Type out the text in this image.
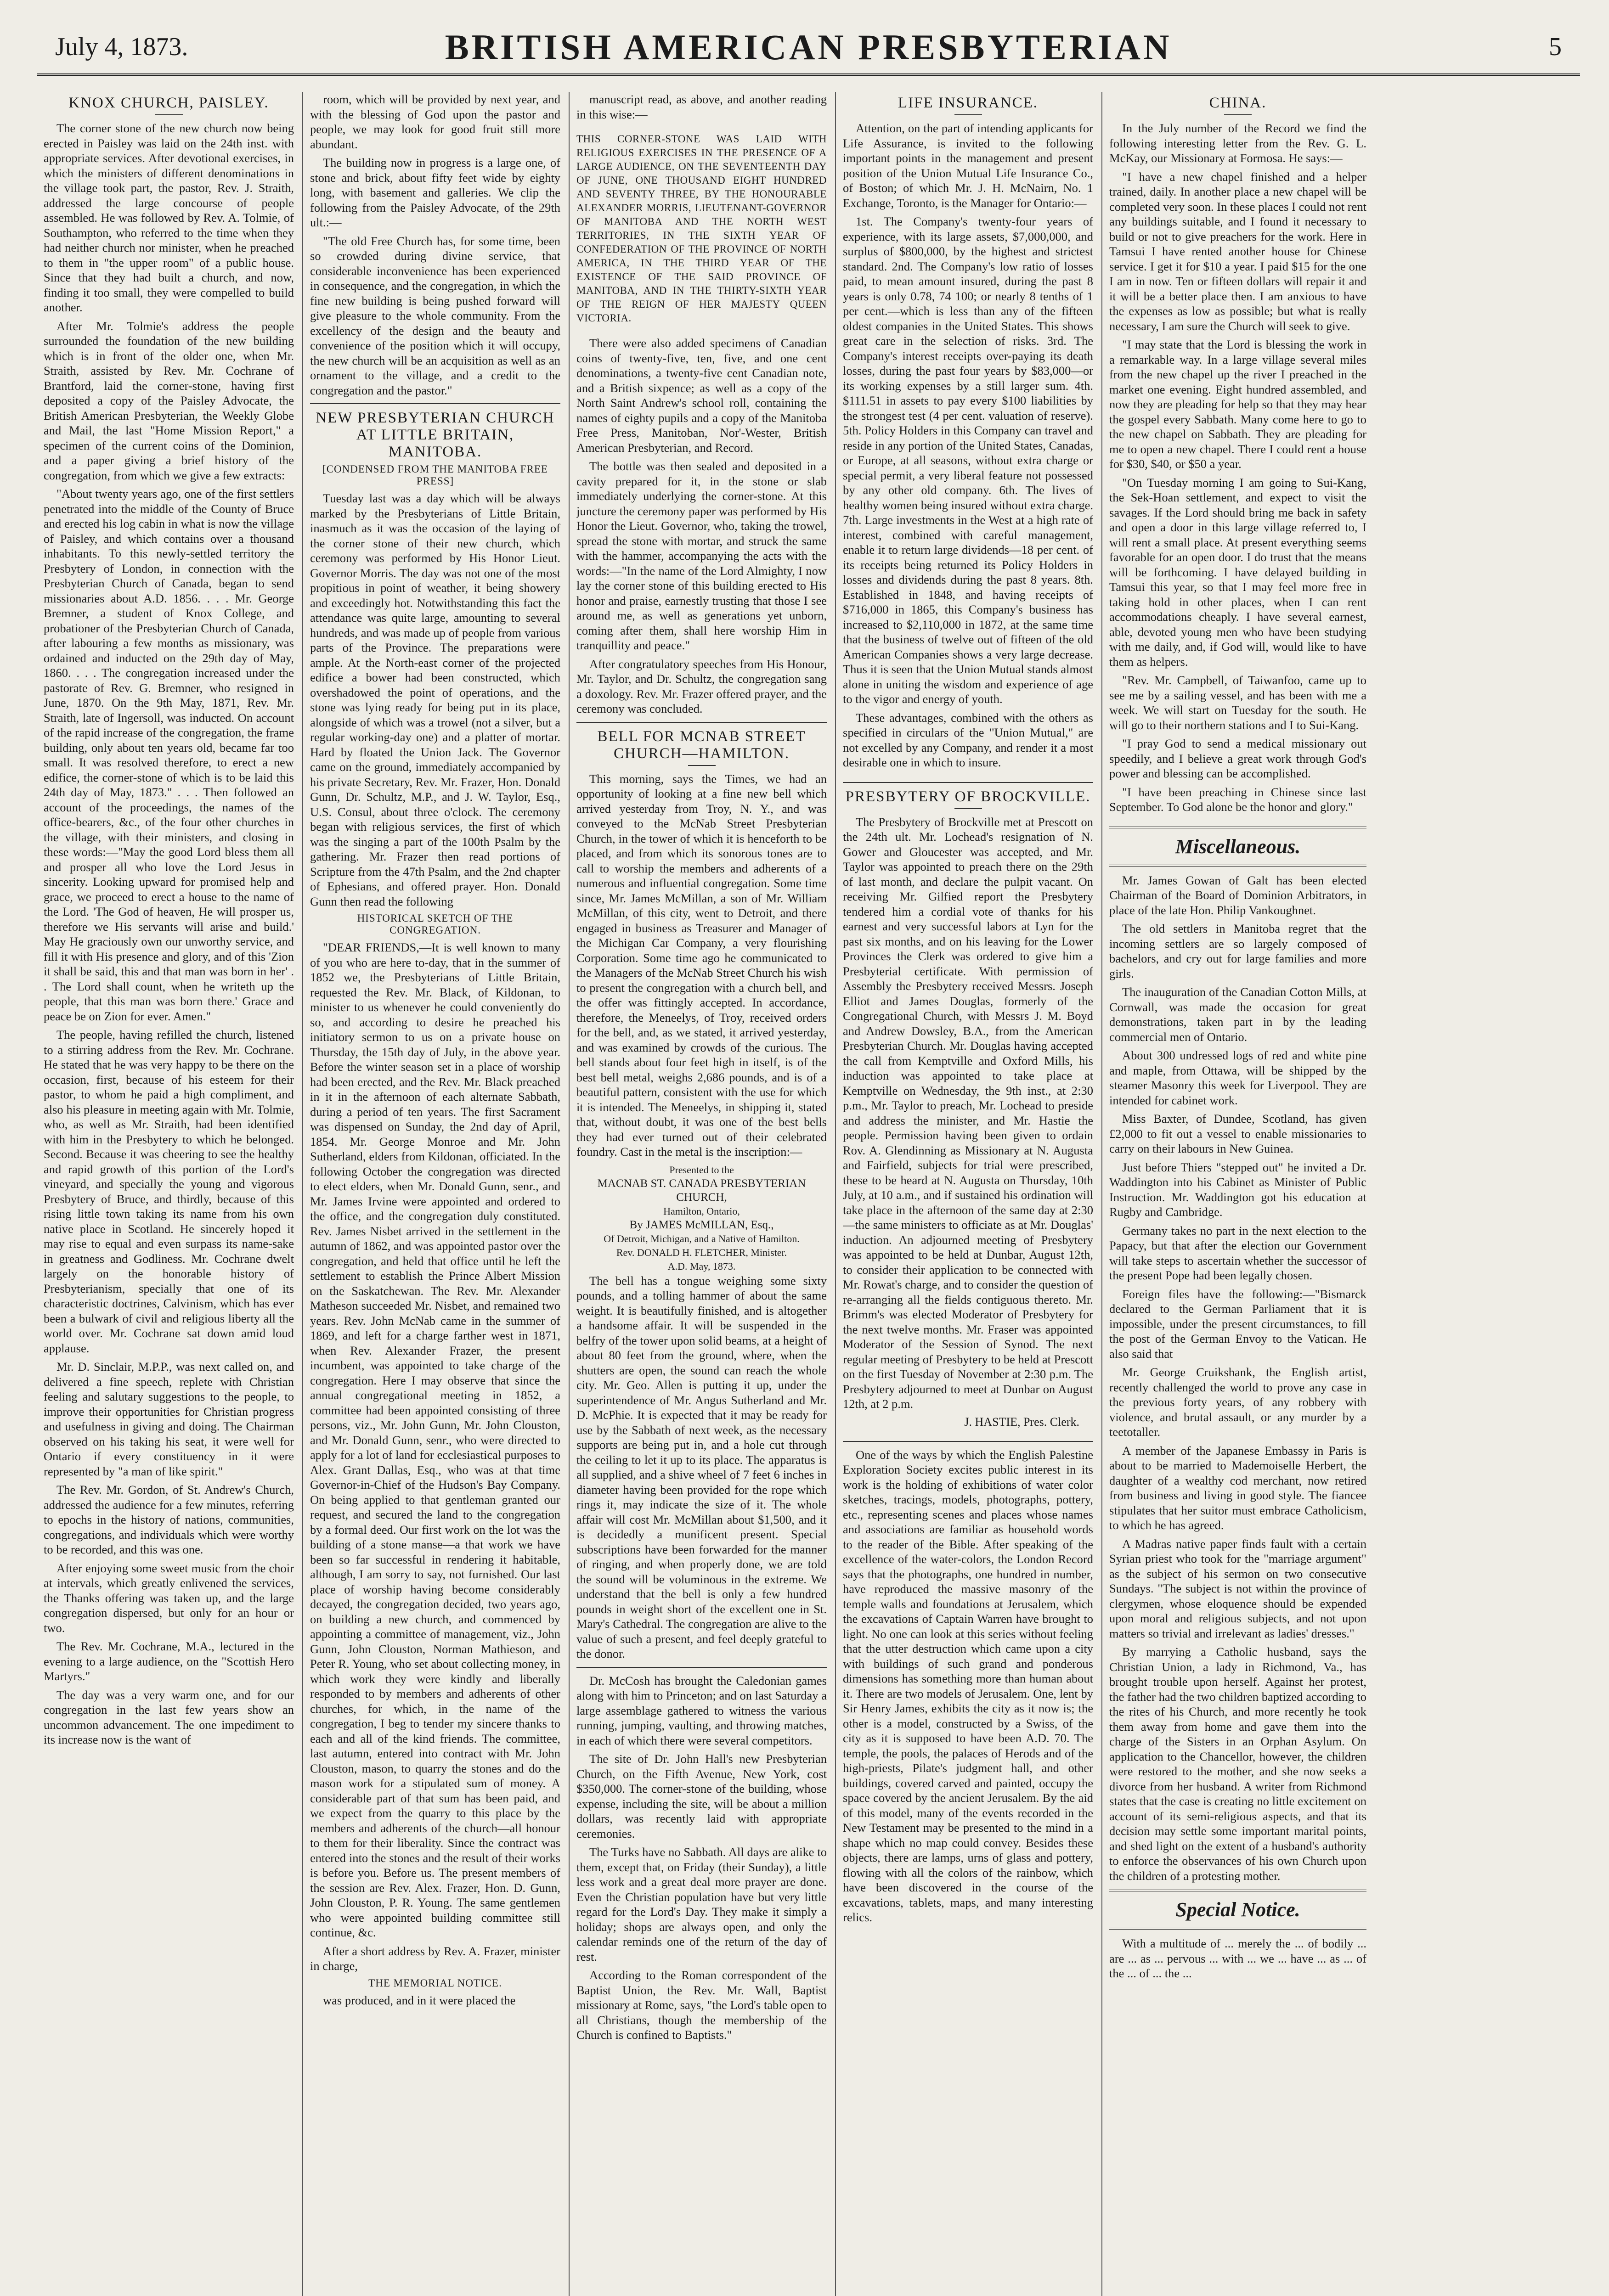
July 4, 1873.	BRITISH AMERICAN PRESBYTERIAN	5
KNOX CHURCH, PAISLEY.

The corner stone of the new church now being erected in Paisley was laid on the 24th inst. with appropriate services. After devotional exercises, in which the ministers of different denominations in the village took part, the pastor, Rev. J. Straith, addressed the large concourse of people assembled. He was followed by Rev. A. Tolmie, of Southampton, who referred to the time when they had neither church nor minister, when he preached to them in "the upper room" of a public house. Since that they had built a church, and now, finding it too small, they were compelled to build another.

After Mr. Tolmie's address the people surrounded the foundation of the new building which is in front of the older one, when Mr. Straith, assisted by Rev. Mr. Cochrane of Brantford, laid the corner-stone, having first deposited a copy of the Paisley Advocate, the British American Presbyterian, the Weekly Globe and Mail, the last "Home Mission Report," a specimen of the current coins of the Dominion, and a paper giving a brief history of the congregation, from which we give a few extracts:

"About twenty years ago, one of the first settlers penetrated into the middle of the County of Bruce and erected his log cabin in what is now the village of Paisley, and which contains over a thousand inhabitants. To this newly-settled territory the Presbytery of London, in connection with the Presbyterian Church of Canada, began to send missionaries about A.D. 1856. . . . Mr. George Bremner, a student of Knox College, and probationer of the Presbyterian Church of Canada, after labouring a few months as missionary, was ordained and inducted on the 29th day of May, 1860. . . . The congregation increased under the pastorate of Rev. G. Bremner, who resigned in June, 1870. On the 9th May, 1871, Rev. Mr. Straith, late of Ingersoll, was inducted. On account of the rapid increase of the congregation, the frame building, only about ten years old, became far too small. It was resolved therefore, to erect a new edifice, the corner-stone of which is to be laid this 24th day of May, 1873." . . . Then followed an account of the proceedings, the names of the office-bearers, &c., of the four other churches in the village, with their ministers, and closing in these words:—"May the good Lord bless them all and prosper all who love the Lord Jesus in sincerity. Looking upward for promised help and grace, we proceed to erect a house to the name of the Lord. 'The God of heaven, He will prosper us, therefore we His servants will arise and build.' May He graciously own our unworthy service, and fill it with His presence and glory, and of this 'Zion it shall be said, this and that man was born in her' . . The Lord shall count, when he writeth up the people, that this man was born there.' Grace and peace be on Zion for ever. Amen."

The people, having refilled the church, listened to a stirring address from the Rev. Mr. Cochrane. He stated that he was very happy to be there on the occasion, first, because of his esteem for their pastor, to whom he paid a high compliment, and also his pleasure in meeting again with Mr. Tolmie, who, as well as Mr. Straith, had been identified with him in the Presbytery to which he belonged. Second. Because it was cheering to see the healthy and rapid growth of this portion of the Lord's vineyard, and specially the young and vigorous Presbytery of Bruce, and thirdly, because of this rising little town taking its name from his own native place in Scotland. He sincerely hoped it may rise to equal and even surpass its name-sake in greatness and Godliness. Mr. Cochrane dwelt largely on the honorable history of Presbyterianism, specially that one of its characteristic doctrines, Calvinism, which has ever been a bulwark of civil and religious liberty all the world over. Mr. Cochrane sat down amid loud applause.

Mr. D. Sinclair, M.P.P., was next called on, and delivered a fine speech, replete with Christian feeling and salutary suggestions to the people, to improve their opportunities for Christian progress and usefulness in giving and doing. The Chairman observed on his taking his seat, it were well for Ontario if every constituency in it were represented by "a man of like spirit."

The Rev. Mr. Gordon, of St. Andrew's Church, addressed the audience for a few minutes, referring to epochs in the history of nations, communities, congregations, and individuals which were worthy to be recorded, and this was one.

After enjoying some sweet music from the choir at intervals, which greatly enlivened the services, the Thanks offering was taken up, and the large congregation dispersed, but only for an hour or two.

The Rev. Mr. Cochrane, M.A., lectured in the evening to a large audience, on the "Scottish Hero Martyrs."

The day was a very warm one, and for our congregation in the last few years show an uncommon advancement. The one impediment to its increase now is the want of

room, which will be provided by next year, and with the blessing of God upon the pastor and people, we may look for good fruit still more abundant.

The building now in progress is a large one, of stone and brick, about fifty feet wide by eighty long, with basement and galleries. We clip the following from the Paisley Advocate, of the 29th ult.:—

"The old Free Church has, for some time, been so crowded during divine service, that considerable inconvenience has been experienced in consequence, and the congregation, in which the fine new building is being pushed forward will give pleasure to the whole community. From the excellency of the design and the beauty and convenience of the position which it will occupy, the new church will be an acquisition as well as an ornament to the village, and a credit to the congregation and the pastor."

NEW PRESBYTERIAN CHURCH AT LITTLE BRITAIN, MANITOBA.
[CONDENSED FROM THE MANITOBA FREE PRESS]

Tuesday last was a day which will be always marked by the Presbyterians of Little Britain, inasmuch as it was the occasion of the laying of the corner stone of their new church, which ceremony was performed by His Honor Lieut. Governor Morris. The day was not one of the most propitious in point of weather, it being showery and exceedingly hot. Notwithstanding this fact the attendance was quite large, amounting to several hundreds, and was made up of people from various parts of the Province. The preparations were ample. At the North-east corner of the projected edifice a bower had been constructed, which overshadowed the point of operations, and the stone was lying ready for being put in its place, alongside of which was a trowel (not a silver, but a regular working-day one) and a platter of mortar. Hard by floated the Union Jack. The Governor came on the ground, immediately accompanied by his private Secretary, Rev. Mr. Frazer, Hon. Donald Gunn, Dr. Schultz, M.P., and J. W. Taylor, Esq., U.S. Consul, about three o'clock. The ceremony began with religious services, the first of which was the singing a part of the 100th Psalm by the gathering. Mr. Frazer then read portions of Scripture from the 47th Psalm, and the 2nd chapter of Ephesians, and offered prayer. Hon. Donald Gunn then read the following

HISTORICAL SKETCH OF THE CONGREGATION.

"DEAR FRIENDS,—It is well known to many of you who are here to-day, that in the summer of 1852 we, the Presbyterians of Little Britain, requested the Rev. Mr. Black, of Kildonan, to minister to us whenever he could conveniently do so, and according to desire he preached his initiatory sermon to us on a private house on Thursday, the 15th day of July, in the above year. Before the winter season set in a place of worship had been erected, and the Rev. Mr. Black preached in it in the afternoon of each alternate Sabbath, during a period of ten years. The first Sacrament was dispensed on Sunday, the 2nd day of April, 1854. Mr. George Monroe and Mr. John Sutherland, elders from Kildonan, officiated. In the following October the congregation was directed to elect elders, when Mr. Donald Gunn, senr., and Mr. James Irvine were appointed and ordered to the office, and the congregation duly constituted. Rev. James Nisbet arrived in the settlement in the autumn of 1862, and was appointed pastor over the congregation, and held that office until he left the settlement to establish the Prince Albert Mission on the Saskatchewan. The Rev. Mr. Alexander Matheson succeeded Mr. Nisbet, and remained two years. Rev. John McNab came in the summer of 1869, and left for a charge farther west in 1871, when Rev. Alexander Frazer, the present incumbent, was appointed to take charge of the congregation. Here I may observe that since the annual congregational meeting in 1852, a committee had been appointed consisting of three persons, viz., Mr. John Gunn, Mr. John Clouston, and Mr. Donald Gunn, senr., who were directed to apply for a lot of land for ecclesiastical purposes to Alex. Grant Dallas, Esq., who was at that time Governor-in-Chief of the Hudson's Bay Company. On being applied to that gentleman granted our request, and secured the land to the congregation by a formal deed. Our first work on the lot was the building of a stone manse—a that work we have been so far successful in rendering it habitable, although, I am sorry to say, not furnished. Our last place of worship having become considerably decayed, the congregation decided, two years ago, on building a new church, and commenced by appointing a committee of management, viz., John Gunn, John Clouston, Norman Mathieson, and Peter R. Young, who set about collecting money, in which work they were kindly and liberally responded to by members and adherents of other churches, for which, in the name of the congregation, I beg to tender my sincere thanks to each and all of the kind friends. The committee, last autumn, entered into contract with Mr. John Clouston, mason, to quarry the stones and do the mason work for a stipulated sum of money. A considerable part of that sum has been paid, and we expect from the quarry to this place by the members and adherents of the church—all honour to them for their liberality. Since the contract was entered into the stones and the result of their works is before you. Before us. The present members of the session are Rev. Alex. Frazer, Hon. D. Gunn, John Clouston, P. R. Young. The same gentlemen who were appointed building committee still continue, &c.

After a short address by Rev. A. Frazer, minister in charge,

THE MEMORIAL NOTICE.

was produced, and in it were placed the

manuscript read, as above, and another reading in this wise:—

THIS CORNER-STONE WAS LAID WITH RELIGIOUS EXERCISES IN THE PRESENCE OF A LARGE AUDIENCE, ON THE SEVENTEENTH DAY OF JUNE, ONE THOUSAND EIGHT HUNDRED AND SEVENTY THREE, BY THE HONOURABLE ALEXANDER MORRIS, LIEUTENANT-GOVERNOR OF MANITOBA AND THE NORTH WEST TERRITORIES, IN THE SIXTH YEAR OF CONFEDERATION OF THE PROVINCE OF NORTH AMERICA, IN THE THIRD YEAR OF THE EXISTENCE OF THE SAID PROVINCE OF MANITOBA, AND IN THE THIRTY-SIXTH YEAR OF THE REIGN OF HER MAJESTY QUEEN VICTORIA.

There were also added specimens of Canadian coins of twenty-five, ten, five, and one cent denominations, a twenty-five cent Canadian note, and a British sixpence; as well as a copy of the North Saint Andrew's school roll, containing the names of eighty pupils and a copy of the Manitoba Free Press, Manitoban, Nor'-Wester, British American Presbyterian, and Record.

The bottle was then sealed and deposited in a cavity prepared for it, in the stone or slab immediately underlying the corner-stone. At this juncture the ceremony paper was performed by His Honor the Lieut. Governor, who, taking the trowel, spread the stone with mortar, and struck the same with the hammer, accompanying the acts with the words:—"In the name of the Lord Almighty, I now lay the corner stone of this building erected to His honor and praise, earnestly trusting that those I see around me, as well as generations yet unborn, coming after them, shall here worship Him in tranquillity and peace."

After congratulatory speeches from His Honour, Mr. Taylor, and Dr. Schultz, the congregation sang a doxology. Rev. Mr. Frazer offered prayer, and the ceremony was concluded.

BELL FOR MCNAB STREET CHURCH—HAMILTON.

This morning, says the Times, we had an opportunity of looking at a fine new bell which arrived yesterday from Troy, N. Y., and was conveyed to the McNab Street Presbyterian Church, in the tower of which it is henceforth to be placed, and from which its sonorous tones are to call to worship the members and adherents of a numerous and influential congregation. Some time since, Mr. James McMillan, a son of Mr. William McMillan, of this city, went to Detroit, and there engaged in business as Treasurer and Manager of the Michigan Car Company, a very flourishing Corporation. Some time ago he communicated to the Managers of the McNab Street Church his wish to present the congregation with a church bell, and the offer was fittingly accepted. In accordance, therefore, the Meneelys, of Troy, received orders for the bell, and, as we stated, it arrived yesterday, and was examined by crowds of the curious. The bell stands about four feet high in itself, is of the best bell metal, weighs 2,686 pounds, and is of a beautiful pattern, consistent with the use for which it is intended. The Meneelys, in shipping it, stated that, without doubt, it was one of the best bells they had ever turned out of their celebrated foundry. Cast in the metal is the inscription:—

Presented to the
MACNAB ST. CANADA PRESBYTERIAN CHURCH,
Hamilton, Ontario,
By JAMES McMILLAN, Esq.,
Of Detroit, Michigan, and a Native of Hamilton.
Rev. DONALD H. FLETCHER, Minister.
A.D. May, 1873.

The bell has a tongue weighing some sixty pounds, and a tolling hammer of about the same weight. It is beautifully finished, and is altogether a handsome affair. It will be suspended in the belfry of the tower upon solid beams, at a height of about 80 feet from the ground, where, when the shutters are open, the sound can reach the whole city. Mr. Geo. Allen is putting it up, under the superintendence of Mr. Angus Sutherland and Mr. D. McPhie. It is expected that it may be ready for use by the Sabbath of next week, as the necessary supports are being put in, and a hole cut through the ceiling to let it up to its place. The apparatus is all supplied, and a shive wheel of 7 feet 6 inches in diameter having been provided for the rope which rings it, may indicate the size of it. The whole affair will cost Mr. McMillan about $1,500, and it is decidedly a munificent present. Special subscriptions have been forwarded for the manner of ringing, and when properly done, we are told the sound will be voluminous in the extreme. We understand that the bell is only a few hundred pounds in weight short of the excellent one in St. Mary's Cathedral. The congregation are alive to the value of such a present, and feel deeply grateful to the donor.

Dr. McCosh has brought the Caledonian games along with him to Princeton; and on last Saturday a large assemblage gathered to witness the various running, jumping, vaulting, and throwing matches, in each of which there were several competitors.

The site of Dr. John Hall's new Presbyterian Church, on the Fifth Avenue, New York, cost $350,000. The corner-stone of the building, whose expense, including the site, will be about a million dollars, was recently laid with appropriate ceremonies.

The Turks have no Sabbath. All days are alike to them, except that, on Friday (their Sunday), a little less work and a great deal more prayer are done. Even the Christian population have but very little regard for the Lord's Day. They make it simply a holiday; shops are always open, and only the calendar reminds one of the return of the day of rest.

According to the Roman correspondent of the Baptist Union, the Rev. Mr. Wall, Baptist missionary at Rome, says, "the Lord's table open to all Christians, though the membership of the Church is confined to Baptists."

LIFE INSURANCE.

Attention, on the part of intending applicants for Life Assurance, is invited to the following important points in the management and present position of the Union Mutual Life Insurance Co., of Boston; of which Mr. J. H. McNairn, No. 1 Exchange, Toronto, is the Manager for Ontario:—

1st. The Company's twenty-four years of experience, with its large assets, $7,000,000, and surplus of $800,000, by the highest and strictest standard. 2nd. The Company's low ratio of losses paid, to mean amount insured, during the past 8 years is only 0.78, 74 100; or nearly 8 tenths of 1 per cent.—which is less than any of the fifteen oldest companies in the United States. This shows great care in the selection of risks. 3rd. The Company's interest receipts over-paying its death losses, during the past four years by $83,000—or its working expenses by a still larger sum. 4th. $111.51 in assets to pay every $100 liabilities by the strongest test (4 per cent. valuation of reserve). 5th. Policy Holders in this Company can travel and reside in any portion of the United States, Canadas, or Europe, at all seasons, without extra charge or special permit, a very liberal feature not possessed by any other old company. 6th. The lives of healthy women being insured without extra charge. 7th. Large investments in the West at a high rate of interest, combined with careful management, enable it to return large dividends—18 per cent. of its receipts being returned its Policy Holders in losses and dividends during the past 8 years. 8th. Established in 1848, and having receipts of $716,000 in 1865, this Company's business has increased to $2,110,000 in 1872, at the same time that the business of twelve out of fifteen of the old American Companies shows a very large decrease. Thus it is seen that the Union Mutual stands almost alone in uniting the wisdom and experience of age to the vigor and energy of youth.

These advantages, combined with the others as specified in circulars of the "Union Mutual," are not excelled by any Company, and render it a most desirable one in which to insure.

PRESBYTERY OF BROCKVILLE.

The Presbytery of Brockville met at Prescott on the 24th ult. Mr. Lochead's resignation of N. Gower and Gloucester was accepted, and Mr. Taylor was appointed to preach there on the 29th of last month, and declare the pulpit vacant. On receiving Mr. Gilfied report the Presbytery tendered him a cordial vote of thanks for his earnest and very successful labors at Lyn for the past six months, and on his leaving for the Lower Provinces the Clerk was ordered to give him a Presbyterial certificate. With permission of Assembly the Presbytery received Messrs. Joseph Elliot and James Douglas, formerly of the Congregational Church, with Messrs J. M. Boyd and Andrew Dowsley, B.A., from the American Presbyterian Church. Mr. Douglas having accepted the call from Kemptville and Oxford Mills, his induction was appointed to take place at Kemptville on Wednesday, the 9th inst., at 2:30 p.m., Mr. Taylor to preach, Mr. Lochead to preside and address the minister, and Mr. Hastie the people. Permission having been given to ordain Rov. A. Glendinning as Missionary at N. Augusta and Fairfield, subjects for trial were prescribed, these to be heard at N. Augusta on Thursday, 10th July, at 10 a.m., and if sustained his ordination will take place in the afternoon of the same day at 2:30—the same ministers to officiate as at Mr. Douglas' induction. An adjourned meeting of Presbytery was appointed to be held at Dunbar, August 12th, to consider their application to be connected with Mr. Rowat's charge, and to consider the question of re-arranging all the fields contiguous thereto. Mr. Brimm's was elected Moderator of Presbytery for the next twelve months. Mr. Fraser was appointed Moderator of the Session of Synod. The next regular meeting of Presbytery to be held at Prescott on the first Tuesday of November at 2:30 p.m. The Presbytery adjourned to meet at Dunbar on August 12th, at 2 p.m.

J. HASTIE, Pres. Clerk.

One of the ways by which the English Palestine Exploration Society excites public interest in its work is the holding of exhibitions of water color sketches, tracings, models, photographs, pottery, etc., representing scenes and places whose names and associations are familiar as household words to the reader of the Bible. After speaking of the excellence of the water-colors, the London Record says that the photographs, one hundred in number, have reproduced the massive masonry of the temple walls and foundations at Jerusalem, which the excavations of Captain Warren have brought to light. No one can look at this series without feeling that the utter destruction which came upon a city with buildings of such grand and ponderous dimensions has something more than human about it. There are two models of Jerusalem. One, lent by Sir Henry James, exhibits the city as it now is; the other is a model, constructed by a Swiss, of the city as it is supposed to have been A.D. 70. The temple, the pools, the palaces of Herods and of the high-priests, Pilate's judgment hall, and other buildings, covered carved and painted, occupy the space covered by the ancient Jerusalem. By the aid of this model, many of the events recorded in the New Testament may be presented to the mind in a shape which no map could convey. Besides these objects, there are lamps, urns of glass and pottery, flowing with all the colors of the rainbow, which have been discovered in the course of the excavations, tablets, maps, and many interesting relics.

CHINA.

In the July number of the Record we find the following interesting letter from the Rev. G. L. McKay, our Missionary at Formosa. He says:—

"I have a new chapel finished and a helper trained, daily. In another place a new chapel will be completed very soon. In these places I could not rent any buildings suitable, and I found it necessary to build or not to give preachers for the work. Here in Tamsui I have rented another house for Chinese service. I get it for $10 a year. I paid $15 for the one I am in now. Ten or fifteen dollars will repair it and it will be a better place then. I am anxious to have the expenses as low as possible; but what is really necessary, I am sure the Church will seek to give.

"I may state that the Lord is blessing the work in a remarkable way. In a large village several miles from the new chapel up the river I preached in the market one evening. Eight hundred assembled, and now they are pleading for help so that they may hear the gospel every Sabbath. Many come here to go to the new chapel on Sabbath. They are pleading for me to open a new chapel. There I could rent a house for $30, $40, or $50 a year.

"On Tuesday morning I am going to Sui-Kang, the Sek-Hoan settlement, and expect to visit the savages. If the Lord should bring me back in safety and open a door in this large village referred to, I will rent a small place. At present everything seems favorable for an open door. I do trust that the means will be forthcoming. I have delayed building in Tamsui this year, so that I may feel more free in taking hold in other places, when I can rent accommodations cheaply. I have several earnest, able, devoted young men who have been studying with me daily, and, if God will, would like to have them as helpers.

"Rev. Mr. Campbell, of Taiwanfoo, came up to see me by a sailing vessel, and has been with me a week. We will start on Tuesday for the south. He will go to their northern stations and I to Sui-Kang.

"I pray God to send a medical missionary out speedily, and I believe a great work through God's power and blessing can be accomplished.

"I have been preaching in Chinese since last September. To God alone be the honor and glory."

Miscellaneous.

Mr. James Gowan of Galt has been elected Chairman of the Board of Dominion Arbitrators, in place of the late Hon. Philip Vankoughnet.

The old settlers in Manitoba regret that the incoming settlers are so largely composed of bachelors, and cry out for large families and more girls.

The inauguration of the Canadian Cotton Mills, at Cornwall, was made the occasion for great demonstrations, taken part in by the leading commercial men of Ontario.

About 300 undressed logs of red and white pine and maple, from Ottawa, will be shipped by the steamer Masonry this week for Liverpool. They are intended for cabinet work.

Miss Baxter, of Dundee, Scotland, has given £2,000 to fit out a vessel to enable missionaries to carry on their labours in New Guinea.

Just before Thiers "stepped out" he invited a Dr. Waddington into his Cabinet as Minister of Public Instruction. Mr. Waddington got his education at Rugby and Cambridge.

Germany takes no part in the next election to the Papacy, but that after the election our Government will take steps to ascertain whether the successor of the present Pope had been legally chosen.

Foreign files have the following:—"Bismarck declared to the German Parliament that it is impossible, under the present circumstances, to fill the post of the German Envoy to the Vatican. He also said that

Mr. George Cruikshank, the English artist, recently challenged the world to prove any case in the previous forty years, of any robbery with violence, and brutal assault, or any murder by a teetotaller.

A member of the Japanese Embassy in Paris is about to be married to Mademoiselle Herbert, the daughter of a wealthy cod merchant, now retired from business and living in good style. The fiancee stipulates that her suitor must embrace Catholicism, to which he has agreed.

A Madras native paper finds fault with a certain Syrian priest who took for the "marriage argument" as the subject of his sermon on two consecutive Sundays. "The subject is not within the province of clergymen, whose eloquence should be expended upon moral and religious subjects, and not upon matters so trivial and irrelevant as ladies' dresses."

By marrying a Catholic husband, says the Christian Union, a lady in Richmond, Va., has brought trouble upon herself. Against her protest, the father had the two children baptized according to the rites of his Church, and more recently he took them away from home and gave them into the charge of the Sisters in an Orphan Asylum. On application to the Chancellor, however, the children were restored to the mother, and she now seeks a divorce from her husband. A writer from Richmond states that the case is creating no little excitement on account of its semi-religious aspects, and that its decision may settle some important marital points, and shed light on the extent of a husband's authority to enforce the observances of his own Church upon the children of a protesting mother.

Special Notice.

With a multitude of ... merely the ... of bodily ... are ... as ... pervous ... with ... we ... have ... as ... of the ... of ... the ...
